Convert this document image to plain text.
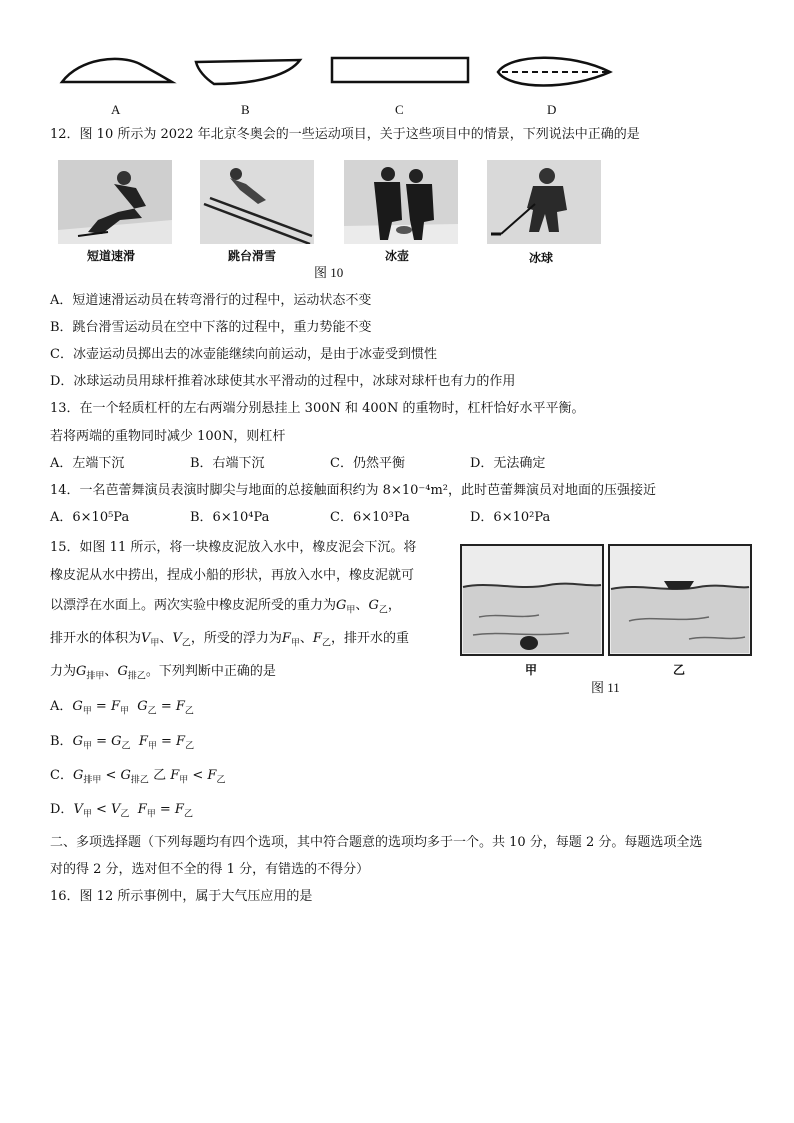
A	B	C	D
12．图 10 所示为 2022 年北京冬奥会的一些运动项目，关于这些项目中的情景，下列说法中正确的是
短道速滑	跳台滑雪	冰壶	冰球
图 10
A．短道速滑运动员在转弯滑行的过程中，运动状态不变
B．跳台滑雪运动员在空中下落的过程中，重力势能不变
C．冰壶运动员掷出去的冰壶能继续向前运动，是由于冰壶受到惯性
D．冰球运动员用球杆推着冰球使其水平滑动的过程中，冰球对球杆也有力的作用
13．在一个轻质杠杆的左右两端分别悬挂上 300N 和 400N 的重物时，杠杆恰好水平平衡。
若将两端的重物同时减少 100N，则杠杆
A．左端下沉	B．右端下沉	C．仍然平衡	D．无法确定
14．一名芭蕾舞演员表演时脚尖与地面的总接触面积约为 8×10⁻⁴m²，此时芭蕾舞演员对地面的压强接近
A．6×10⁵Pa	B．6×10⁴Pa	C．6×10³Pa	D．6×10²Pa
15．如图 11 所示，将一块橡皮泥放入水中，橡皮泥会下沉。将
橡皮泥从水中捞出，捏成小船的形状，再放入水中，橡皮泥就可
以漂浮在水面上。两次实验中橡皮泥所受的重力为$G_甲$、$G_乙$，
排开水的体积为$V_甲$、$V_乙$，所受的浮力为$F_甲$、$F_乙$，排开水的重
力为$G_{排甲}$、$G_{排乙}$。下列判断中正确的是	甲	乙
图 11
A．$G_甲 = F_甲$ $G_乙 = F_乙$
B．$G_甲 = G_乙$ $F_甲 = F_乙$
C．$G_{排甲} < G_{排乙}$ 乙 $F_甲 < F_乙$
D．$V_甲 < V_乙$ $F_甲 = F_乙$
二、多项选择题（下列每题均有四个选项，其中符合题意的选项均多于一个。共 10 分，每题 2 分。每题选项全选
对的得 2 分，选对但不全的得 1 分，有错选的不得分）
16．图 12 所示事例中，属于大气压应用的是
